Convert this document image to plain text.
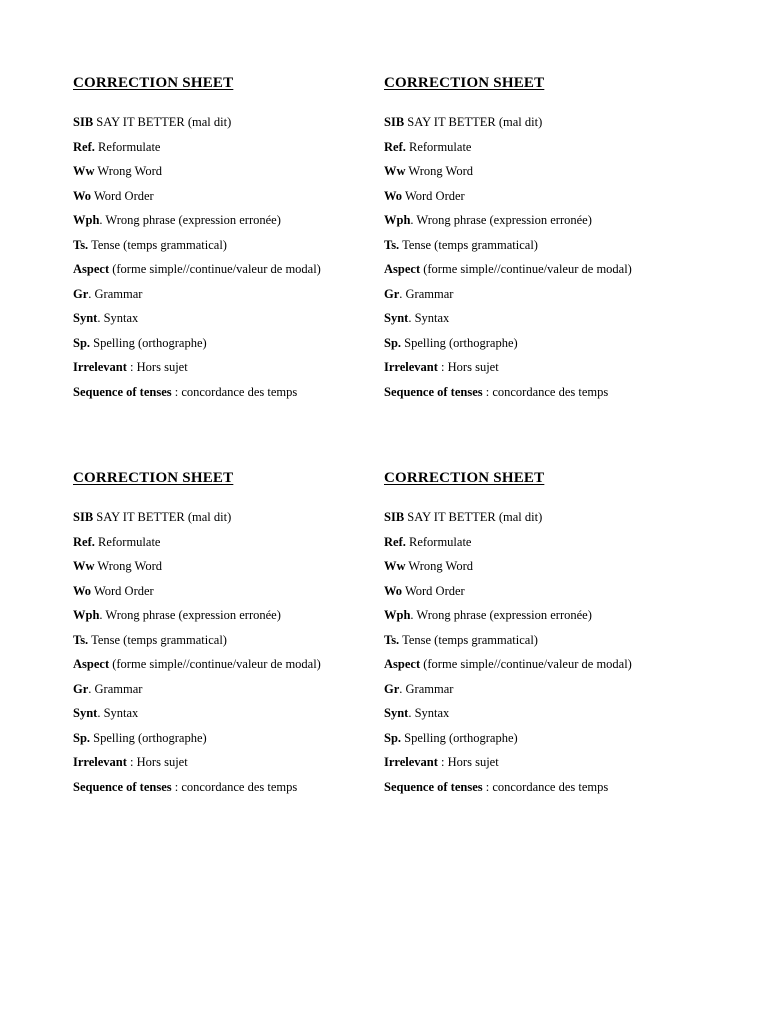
CORRECTION SHEET
SIB SAY IT BETTER (mal dit)
Ref. Reformulate
Ww Wrong Word
Wo Word Order
Wph. Wrong phrase (expression erronée)
Ts. Tense (temps grammatical)
Aspect (forme simple//continue/valeur de modal)
Gr. Grammar
Synt. Syntax
Sp. Spelling (orthographe)
Irrelevant : Hors sujet
Sequence of tenses : concordance des temps
CORRECTION SHEET
SIB SAY IT BETTER (mal dit)
Ref. Reformulate
Ww Wrong Word
Wo Word Order
Wph. Wrong phrase (expression erronée)
Ts. Tense (temps grammatical)
Aspect (forme simple//continue/valeur de modal)
Gr. Grammar
Synt. Syntax
Sp. Spelling (orthographe)
Irrelevant : Hors sujet
Sequence of tenses : concordance des temps
CORRECTION SHEET
SIB SAY IT BETTER (mal dit)
Ref. Reformulate
Ww Wrong Word
Wo Word Order
Wph. Wrong phrase (expression erronée)
Ts. Tense (temps grammatical)
Aspect (forme simple//continue/valeur de modal)
Gr. Grammar
Synt. Syntax
Sp. Spelling (orthographe)
Irrelevant : Hors sujet
Sequence of tenses : concordance des temps
CORRECTION SHEET
SIB SAY IT BETTER (mal dit)
Ref. Reformulate
Ww Wrong Word
Wo Word Order
Wph. Wrong phrase (expression erronée)
Ts. Tense (temps grammatical)
Aspect (forme simple//continue/valeur de modal)
Gr. Grammar
Synt. Syntax
Sp. Spelling (orthographe)
Irrelevant : Hors sujet
Sequence of tenses : concordance des temps
